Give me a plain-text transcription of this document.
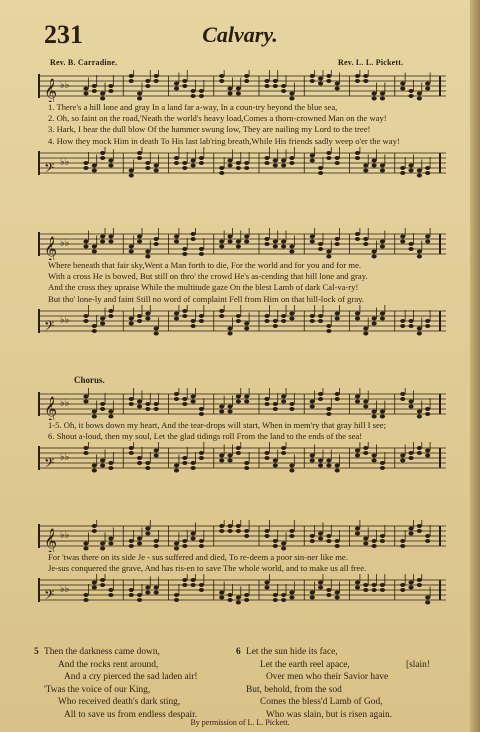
231	Calvary.
Rev. B. Carradine.	Rev. L. L. Pickett.
𝄞 ♭♭
1. There's a hill lone and gray In a land far a-way, In a coun-try beyond the blue sea,
2. Oh, so faint on the road,'Neath the world's heavy load,Comes a thorn-crowned Man on the way!
3. Hark, I hear the dull blow Of the hammer swung low, They are nailing my Lord to the tree!
4. How they mock Him in death To His last lab'ring breath,While His friends sadly weep o'er the way!
𝄢 ♭♭
𝄞 ♭♭
Where beneath that fair sky,Went a Man forth to die, For the world and for you and for me.
With a cross He is bowed, But still on thro' the crowd He's as-cending that hill lone and gray.
And the cross they upraise While the multitude gaze On the blest Lamb of dark Cal-va-ry!
But tho' lone-ly and faint Still no word of complaint Fell from Him on that hill-lock of gray.
𝄢 ♭♭
Chorus.
𝄞 ♭♭
1-5. Oh, it bows down my heart, And the tear-drops will start, When in mem'ry that gray hill I see;
6. Shout a-loud, then my soul, Let the glad tidings roll From the land to the ends of the sea!
𝄢 ♭♭
𝄞 ♭♭
For 'twas there on its side Je - sus suffered and died, To re-deem a poor sin-ner like me.
Je-sus conquered the grave, And has ris-en to save The whole world, and to make us all free.
𝄢 ♭♭
5 Then the darkness came down,
And the rocks rent around,
And a cry pierced the sad laden air!
'Twas the voice of our King,
Who received death's dark sting,
All to save us from endless despair.
6 Let the sun hide its face,
Let the earth reel apace,	[slain!
Over men who their Savior have
But, behold, from the sod
Comes the bless'd Lamb of God,
Who was slain, but is risen again.
By permission of L. L. Pickett.
